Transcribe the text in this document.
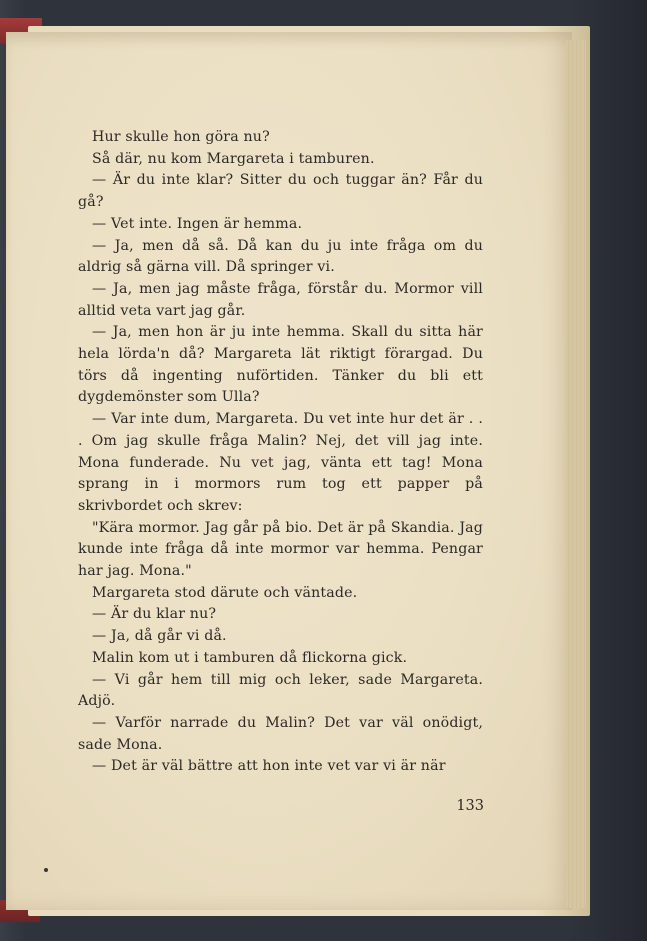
Hur skulle hon göra nu?

Så där, nu kom Margareta i tamburen.

— Är du inte klar? Sitter du och tuggar än? Får du gå?

— Vet inte. Ingen är hemma.

— Ja, men då så. Då kan du ju inte fråga om du aldrig så gärna vill. Då springer vi.

— Ja, men jag måste fråga, förstår du. Mormor vill alltid veta vart jag går.

— Ja, men hon är ju inte hemma. Skall du sitta här hela lörda'n då? Margareta lät riktigt förargad. Du törs då ingenting nuförtiden. Tänker du bli ett dygdemönster som Ulla?

— Var inte dum, Margareta. Du vet inte hur det är . . . Om jag skulle fråga Malin? Nej, det vill jag inte. Mona funderade. Nu vet jag, vänta ett tag! Mona sprang in i mormors rum tog ett papper på skrivbordet och skrev:

"Kära mormor. Jag går på bio. Det är på Skandia. Jag kunde inte fråga då inte mormor var hemma. Pengar har jag. Mona."

Margareta stod därute och väntade.

— Är du klar nu?

— Ja, då går vi då.

Malin kom ut i tamburen då flickorna gick.

— Vi går hem till mig och leker, sade Margareta. Adjö.

— Varför narrade du Malin? Det var väl onödigt, sade Mona.

— Det är väl bättre att hon inte vet var vi är när

133
